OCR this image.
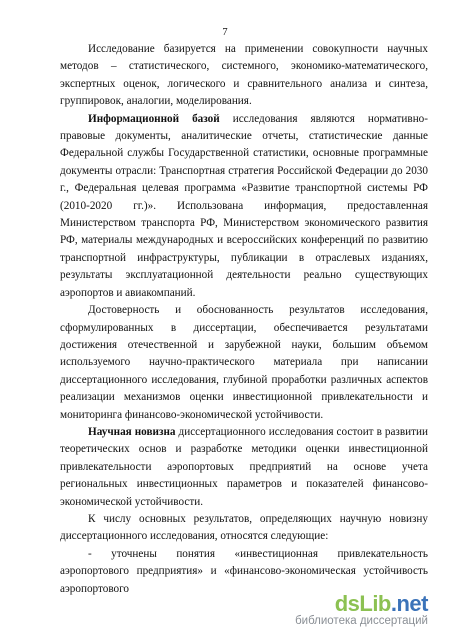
7

Исследование базируется на применении совокупности научных методов – статистического, системного, экономико-математического, экспертных оценок, логического и сравнительного анализа и синтеза, группировок, аналогии, моделирования.

Информационной базой исследования являются нормативно-правовые документы, аналитические отчеты, статистические данные Федеральной службы Государственной статистики, основные программные документы отрасли: Транспортная стратегия Российской Федерации до 2030 г., Федеральная целевая программа «Развитие транспортной системы РФ (2010-2020 гг.)». Использована информация, предоставленная Министерством транспорта РФ, Министерством экономического развития РФ, материалы международных и всероссийских конференций по развитию транспортной инфраструктуры, публикации в отраслевых изданиях, результаты эксплуатационной деятельности реально существующих аэропортов и авиакомпаний.

Достоверность и обоснованность результатов исследования, сформулированных в диссертации, обеспечивается результатами достижения отечественной и зарубежной науки, большим объемом используемого научно-практического материала при написании диссертационного исследования, глубиной проработки различных аспектов реализации механизмов оценки инвестиционной привлекательности и мониторинга финансово-экономической устойчивости.

Научная новизна диссертационного исследования состоит в развитии теоретических основ и разработке методики оценки инвестиционной привлекательности аэропортовых предприятий на основе учета региональных инвестиционных параметров и показателей финансово-экономической устойчивости.

К числу основных результатов, определяющих научную новизну диссертационного исследования, относятся следующие:

- уточнены понятия «инвестиционная привлекательность аэропортового предприятия» и «финансово-экономическая устойчивость аэропортового

dsLib.net
библиотека диссертаций
